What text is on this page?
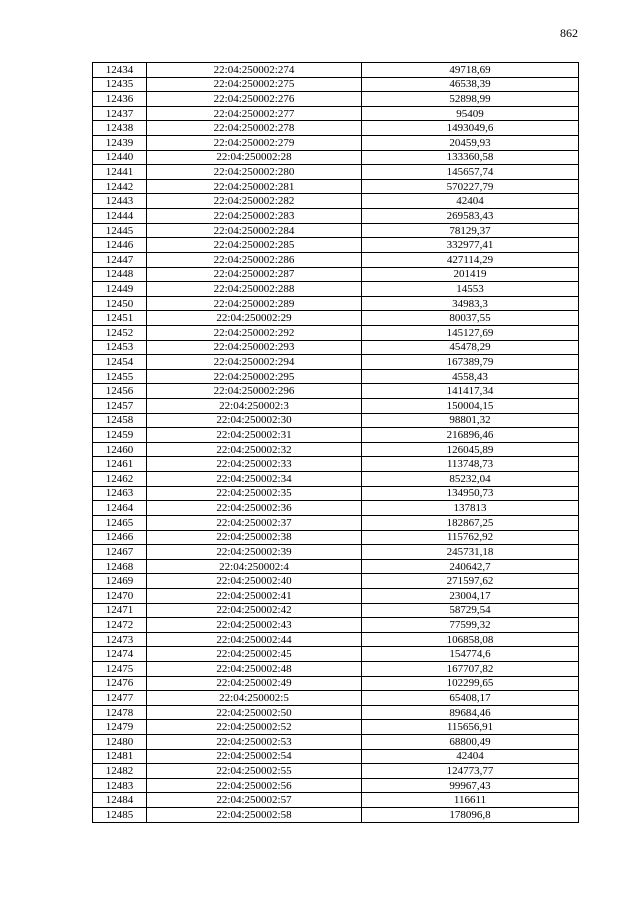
862
12434	22:04:250002:274	49718,69
12435	22:04:250002:275	46538,39
12436	22:04:250002:276	52898,99
12437	22:04:250002:277	95409
12438	22:04:250002:278	1493049,6
12439	22:04:250002:279	20459,93
12440	22:04:250002:28	133360,58
12441	22:04:250002:280	145657,74
12442	22:04:250002:281	570227,79
12443	22:04:250002:282	42404
12444	22:04:250002:283	269583,43
12445	22:04:250002:284	78129,37
12446	22:04:250002:285	332977,41
12447	22:04:250002:286	427114,29
12448	22:04:250002:287	201419
12449	22:04:250002:288	14553
12450	22:04:250002:289	34983,3
12451	22:04:250002:29	80037,55
12452	22:04:250002:292	145127,69
12453	22:04:250002:293	45478,29
12454	22:04:250002:294	167389,79
12455	22:04:250002:295	4558,43
12456	22:04:250002:296	141417,34
12457	22:04:250002:3	150004,15
12458	22:04:250002:30	98801,32
12459	22:04:250002:31	216896,46
12460	22:04:250002:32	126045,89
12461	22:04:250002:33	113748,73
12462	22:04:250002:34	85232,04
12463	22:04:250002:35	134950,73
12464	22:04:250002:36	137813
12465	22:04:250002:37	182867,25
12466	22:04:250002:38	115762,92
12467	22:04:250002:39	245731,18
12468	22:04:250002:4	240642,7
12469	22:04:250002:40	271597,62
12470	22:04:250002:41	23004,17
12471	22:04:250002:42	58729,54
12472	22:04:250002:43	77599,32
12473	22:04:250002:44	106858,08
12474	22:04:250002:45	154774,6
12475	22:04:250002:48	167707,82
12476	22:04:250002:49	102299,65
12477	22:04:250002:5	65408,17
12478	22:04:250002:50	89684,46
12479	22:04:250002:52	115656,91
12480	22:04:250002:53	68800,49
12481	22:04:250002:54	42404
12482	22:04:250002:55	124773,77
12483	22:04:250002:56	99967,43
12484	22:04:250002:57	116611
12485	22:04:250002:58	178096,8
